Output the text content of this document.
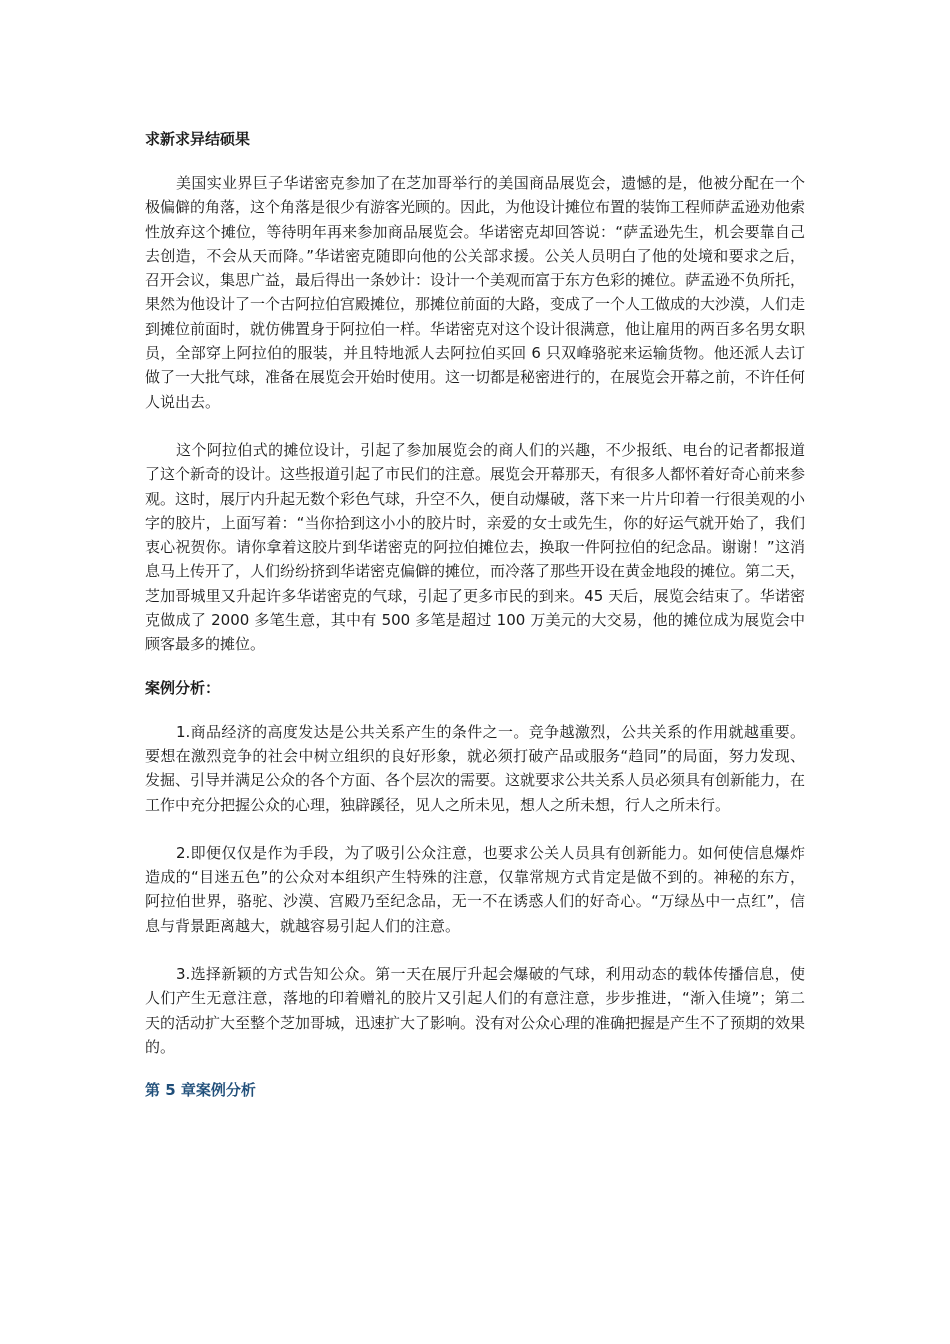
求新求异结硕果

美国实业界巨子华诺密克参加了在芝加哥举行的美国商品展览会，遗憾的是，他被分配在一个极偏僻的角落，这个角落是很少有游客光顾的。因此，为他设计摊位布置的装饰工程师萨孟逊劝他索性放弃这个摊位，等待明年再来参加商品展览会。华诺密克却回答说：“萨孟逊先生，机会要靠自己去创造，不会从天而降。”华诺密克随即向他的公关部求援。公关人员明白了他的处境和要求之后，召开会议，集思广益，最后得出一条妙计：设计一个美观而富于东方色彩的摊位。萨孟逊不负所托，果然为他设计了一个古阿拉伯宫殿摊位，那摊位前面的大路，变成了一个人工做成的大沙漠，人们走到摊位前面时，就仿佛置身于阿拉伯一样。华诺密克对这个设计很满意，他让雇用的两百多名男女职员，全部穿上阿拉伯的服装，并且特地派人去阿拉伯买回 6 只双峰骆驼来运输货物。他还派人去订做了一大批气球，准备在展览会开始时使用。这一切都是秘密进行的，在展览会开幕之前，不许任何人说出去。

这个阿拉伯式的摊位设计，引起了参加展览会的商人们的兴趣，不少报纸、电台的记者都报道了这个新奇的设计。这些报道引起了市民们的注意。展览会开幕那天，有很多人都怀着好奇心前来参观。这时，展厅内升起无数个彩色气球，升空不久，便自动爆破，落下来一片片印着一行很美观的小字的胶片，上面写着：“当你拾到这小小的胶片时，亲爱的女士或先生，你的好运气就开始了，我们衷心祝贺你。请你拿着这胶片到华诺密克的阿拉伯摊位去，换取一件阿拉伯的纪念品。谢谢！”这消息马上传开了，人们纷纷挤到华诺密克偏僻的摊位，而冷落了那些开设在黄金地段的摊位。第二天，芝加哥城里又升起许多华诺密克的气球，引起了更多市民的到来。45 天后，展览会结束了。华诺密克做成了 2000 多笔生意，其中有 500 多笔是超过 100 万美元的大交易，他的摊位成为展览会中顾客最多的摊位。

案例分析：

1.商品经济的高度发达是公共关系产生的条件之一。竞争越激烈，公共关系的作用就越重要。要想在激烈竞争的社会中树立组织的良好形象，就必须打破产品或服务“趋同”的局面，努力发现、发掘、引导并满足公众的各个方面、各个层次的需要。这就要求公共关系人员必须具有创新能力，在工作中充分把握公众的心理，独辟蹊径，见人之所未见，想人之所未想，行人之所未行。

2.即便仅仅是作为手段，为了吸引公众注意，也要求公关人员具有创新能力。如何使信息爆炸造成的“目迷五色”的公众对本组织产生特殊的注意，仅靠常规方式肯定是做不到的。神秘的东方，阿拉伯世界，骆驼、沙漠、宫殿乃至纪念品，无一不在诱惑人们的好奇心。“万绿丛中一点红”，信息与背景距离越大，就越容易引起人们的注意。

3.选择新颖的方式告知公众。第一天在展厅升起会爆破的气球，利用动态的载体传播信息，使人们产生无意注意，落地的印着赠礼的胶片又引起人们的有意注意，步步推进，“渐入佳境”；第二天的活动扩大至整个芝加哥城，迅速扩大了影响。没有对公众心理的准确把握是产生不了预期的效果的。

第 5 章案例分析
